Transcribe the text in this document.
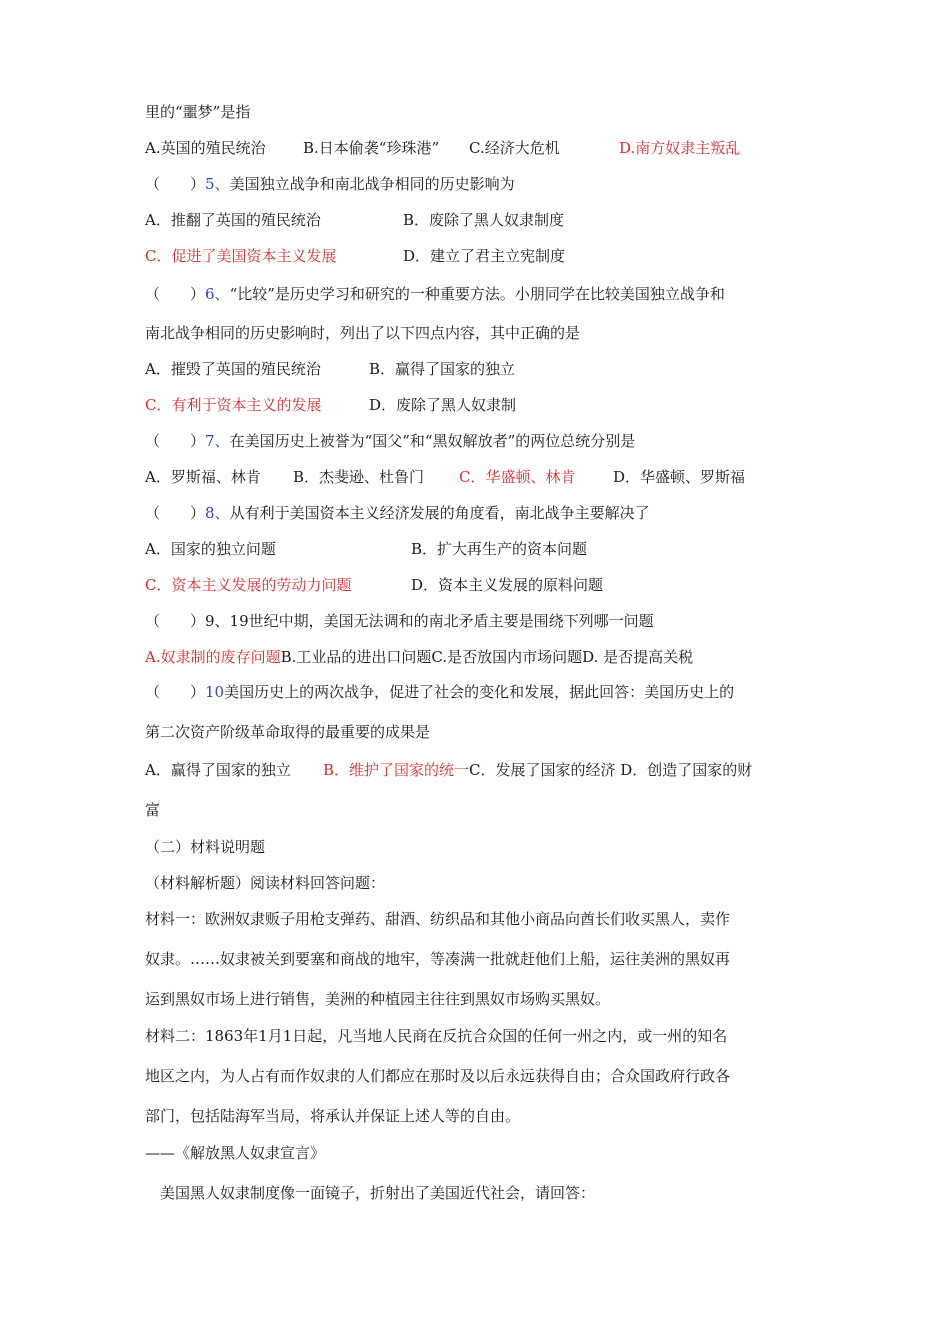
里的“噩梦”是指
A.英国的殖民统治 B.日本偷袭“珍珠港” C.经济大危机	D.南方奴隶主叛乱
（　　）5、美国独立战争和南北战争相同的历史影响为
A．推翻了英国的殖民统治	B．废除了黑人奴隶制度
C．促进了美国资本主义发展	D．建立了君主立宪制度
（　　）6、“比较”是历史学习和研究的一种重要方法。小朋同学在比较美国独立战争和
南北战争相同的历史影响时，列出了以下四点内容，其中正确的是
A．摧毁了英国的殖民统治	B．赢得了国家的独立
C．有利于资本主义的发展	D．废除了黑人奴隶制
（　　）7、在美国历史上被誉为“国父”和“黑奴解放者”的两位总统分别是
A．罗斯福、林肯 B．杰斐逊、杜鲁门 C．华盛顿、林肯	D．华盛顿、罗斯福
（　　）8、从有利于美国资本主义经济发展的角度看，南北战争主要解决了
A．国家的独立问题	B．扩大再生产的资本问题
C．资本主义发展的劳动力问题	D．资本主义发展的原料问题
（　　）9、19世纪中期，美国无法调和的南北矛盾主要是围绕下列哪一问题
A.奴隶制的废存问题B.工业品的进出口问题C.是否放国内市场问题D. 是否提高关税
（　　）10美国历史上的两次战争，促进了社会的变化和发展，据此回答：美国历史上的
第二次资产阶级革命取得的最重要的成果是
A．赢得了国家的独立 B．维护了国家的统一C．发展了国家的经济 D．创造了国家的财
富
（二）材料说明题
（材料解析题）阅读材料回答问题：
材料一：欧洲奴隶贩子用枪支弹药、甜酒、纺织品和其他小商品向酋长们收买黑人，卖作
奴隶。……奴隶被关到要塞和商战的地牢，等凑满一批就赶他们上船，运往美洲的黑奴再
运到黑奴市场上进行销售，美洲的种植园主往往到黑奴市场购买黑奴。
材料二：1863年1月1日起，凡当地人民商在反抗合众国的任何一州之内，或一州的知名
地区之内，为人占有而作奴隶的人们都应在那时及以后永远获得自由；合众国政府行政各
部门，包括陆海军当局，将承认并保证上述人等的自由。
——《解放黑人奴隶宣言》
美国黑人奴隶制度像一面镜子，折射出了美国近代社会，请回答：
